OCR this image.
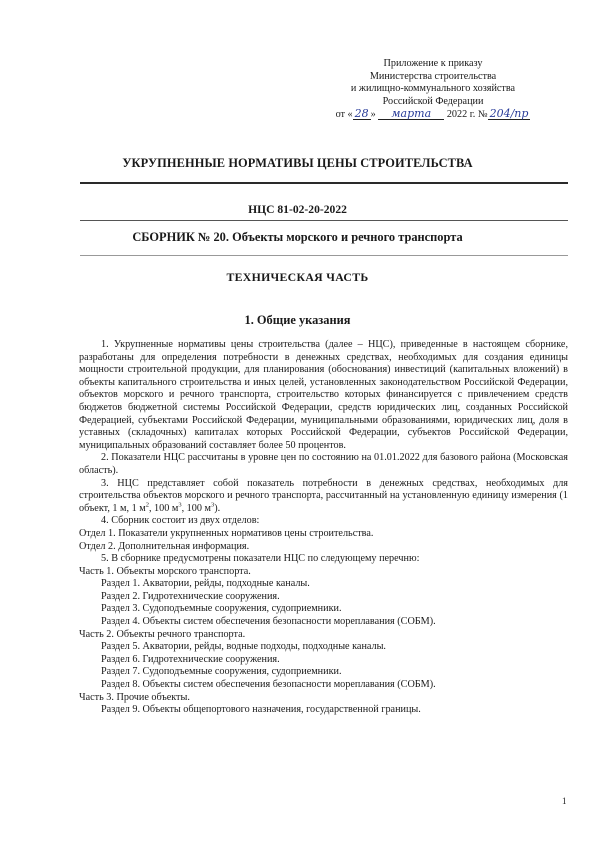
Приложение к приказу
Министерства строительства
и жилищно-коммунального хозяйства
Российской Федерации
от « 28 » марта 2022 г. № 204/пр
УКРУПНЕННЫЕ НОРМАТИВЫ ЦЕНЫ СТРОИТЕЛЬСТВА
НЦС 81-02-20-2022
СБОРНИК № 20. Объекты морского и речного транспорта
ТЕХНИЧЕСКАЯ ЧАСТЬ
1. Общие указания

1. Укрупненные нормативы цены строительства (далее – НЦС), приведенные в настоящем сборнике, разработаны для определения потребности в денежных средствах, необходимых для создания единицы мощности строительной продукции, для планирования (обоснования) инвестиций (капитальных вложений) в объекты капитального строительства и иных целей, установленных законодательством Российской Федерации, объектов морского и речного транспорта, строительство которых финансируется с привлечением средств бюджетов бюджетной системы Российской Федерации, средств юридических лиц, созданных Российской Федерацией, субъектами Российской Федерации, муниципальными образованиями, юридических лиц, доля в уставных (складочных) капиталах которых Российской Федерации, субъектов Российской Федерации, муниципальных образований составляет более 50 процентов.

2. Показатели НЦС рассчитаны в уровне цен по состоянию на 01.01.2022 для базового района (Московская область).

3. НЦС представляет собой показатель потребности в денежных средствах, необходимых для строительства объектов морского и речного транспорта, рассчитанный на установленную единицу измерения (1 объект, 1 м, 1 $м^2$, 100 $м^3$, 100 $м^3$).

4. Сборник состоит из двух отделов:

Отдел 1. Показатели укрупненных нормативов цены строительства.

Отдел 2. Дополнительная информация.

5. В сборнике предусмотрены показатели НЦС по следующему перечню:

Часть 1. Объекты морского транспорта.

Раздел 1. Акватории, рейды, подходные каналы.

Раздел 2. Гидротехнические сооружения.

Раздел 3. Судоподъемные сооружения, судоприемники.

Раздел 4. Объекты систем обеспечения безопасности мореплавания (СОБМ).

Часть 2. Объекты речного транспорта.

Раздел 5. Акватории, рейды, водные подходы, подходные каналы.

Раздел 6. Гидротехнические сооружения.

Раздел 7. Судоподъемные сооружения, судоприемники.

Раздел 8. Объекты систем обеспечения безопасности мореплавания (СОБМ).

Часть 3. Прочие объекты.

Раздел 9. Объекты общепортового назначения, государственной границы.

1
